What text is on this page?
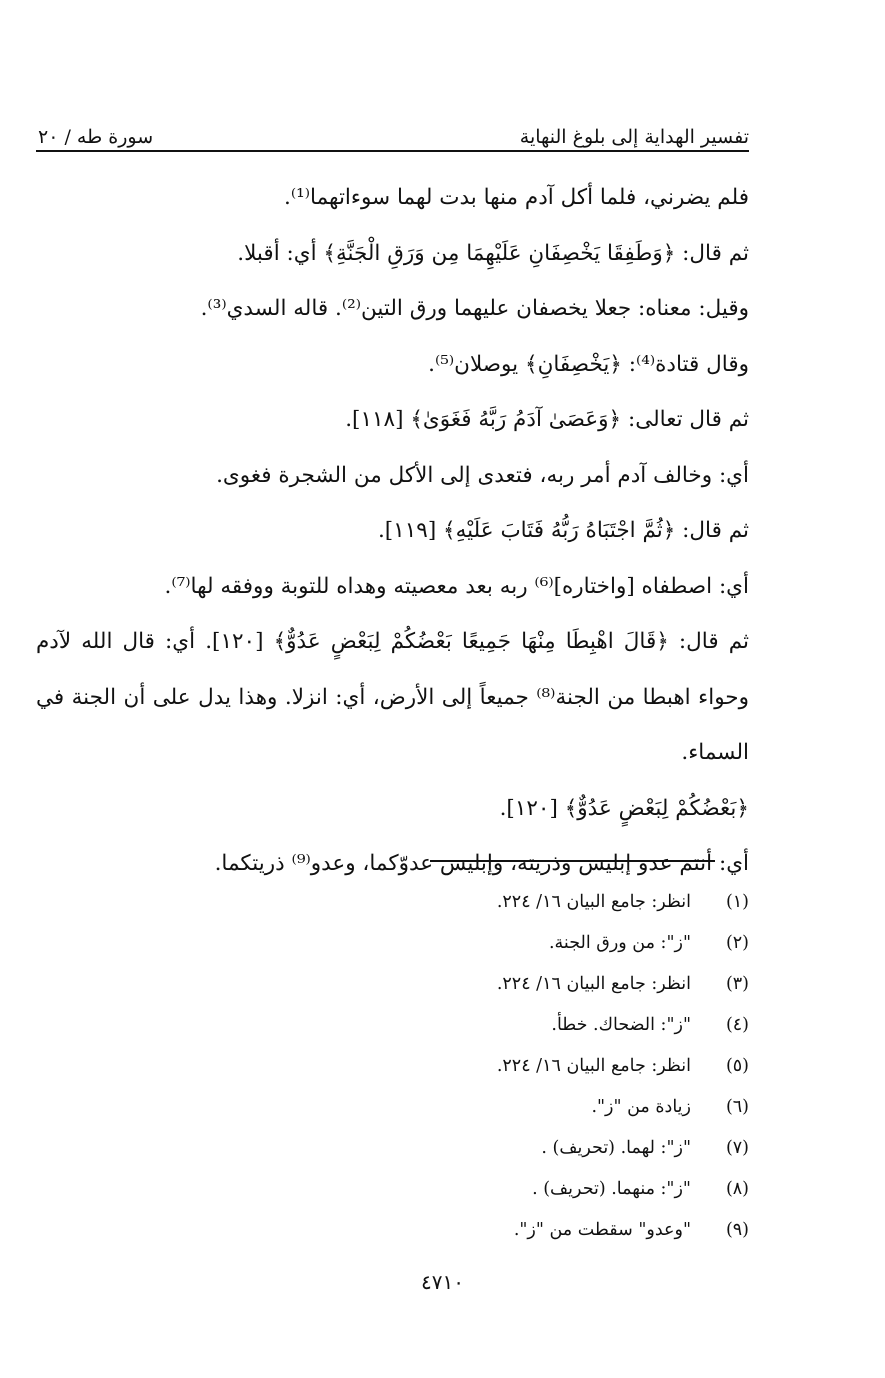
تفسير الهداية إلى بلوغ النهاية
سورة طه / ٢٠

فلم يضرني، فلما أكل آدم منها بدت لهما سوءاتهما⁽¹⁾.

ثم قال: ﴿وَطَفِقَا يَخْصِفَانِ عَلَيْهِمَا مِن وَرَقِ الْجَنَّةِ﴾ أي: أقبلا.

وقيل: معناه: جعلا يخصفان عليهما ورق التين⁽²⁾. قاله السدي⁽³⁾.

وقال قتادة⁽⁴⁾: ﴿يَخْصِفَانِ﴾ يوصلان⁽⁵⁾.

ثم قال تعالى: ﴿وَعَصَىٰ آدَمُ رَبَّهُ فَغَوَىٰ﴾ [١١٨].

أي: وخالف آدم أمر ربه، فتعدى إلى الأكل من الشجرة فغوى.

ثم قال: ﴿ثُمَّ اجْتَبَاهُ رَبُّهُ فَتَابَ عَلَيْهِ﴾ [١١٩].

أي: اصطفاه [واختاره]⁽⁶⁾ ربه بعد معصيته وهداه للتوبة ووفقه لها⁽⁷⁾.

ثم قال: ﴿قَالَ اهْبِطَا مِنْهَا جَمِيعًا بَعْضُكُمْ لِبَعْضٍ عَدُوٌّ﴾ [١٢٠]. أي: قال الله لآدم وحواء اهبطا من الجنة⁽⁸⁾ جميعاً إلى الأرض، أي: انزلا. وهذا يدل على أن الجنة في السماء.

﴿بَعْضُكُمْ لِبَعْضٍ عَدُوٌّ﴾ [١٢٠].

أي: أنتم عدو إبليس وذريته، وإبليس عدوّكما، وعدو⁽⁹⁾ ذريتكما.

(١)
انظر: جامع البيان ١٦/ ٢٢٤.
(٢)
"ز": من ورق الجنة.
(٣)
انظر: جامع البيان ١٦/ ٢٢٤.
(٤)
"ز": الضحاك. خطأ.
(٥)
انظر: جامع البيان ١٦/ ٢٢٤.
(٦)
زيادة من "ز".
(٧)
"ز": لهما. (تحريف) .
(٨)
"ز": منهما. (تحريف) .
(٩)
"وعدو" سقطت من "ز".
٤٧١٠
